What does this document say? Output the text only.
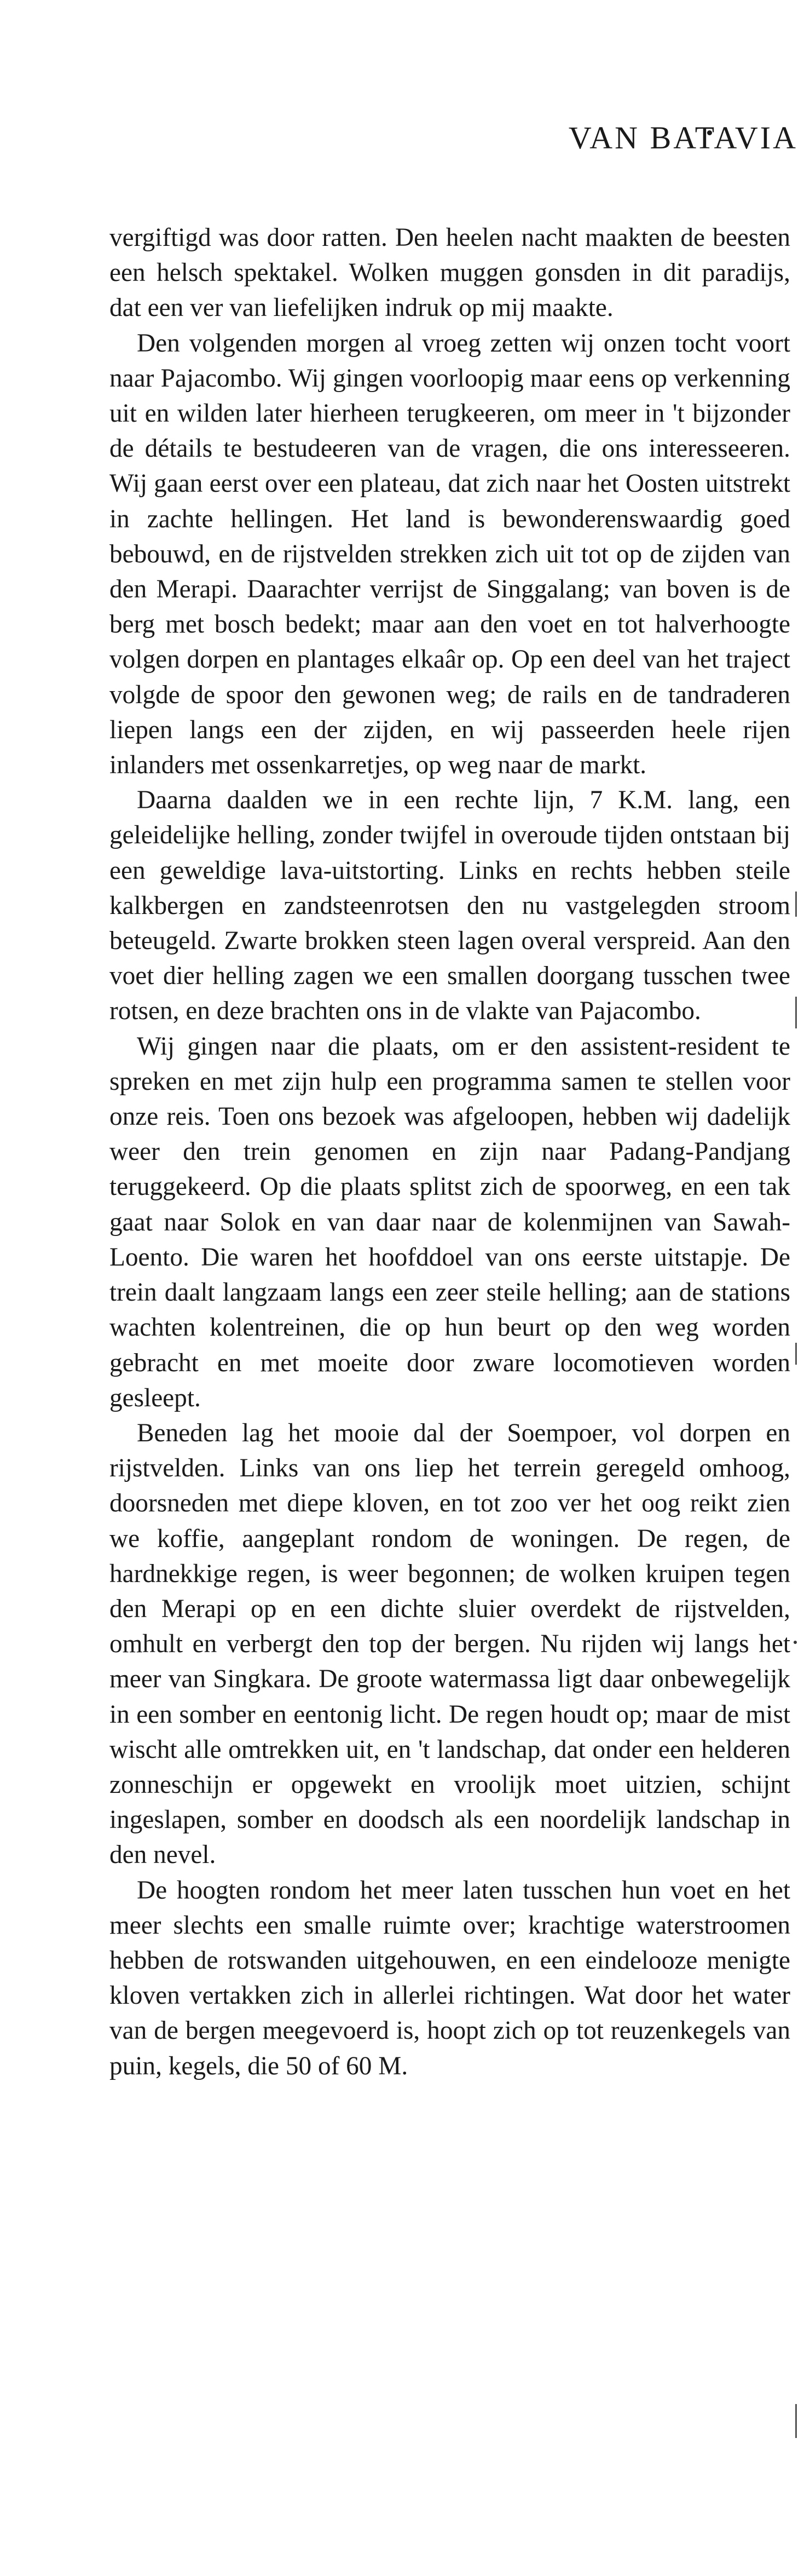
VAN BATAVIA

vergiftigd was door ratten. Den heelen nacht maakten de beesten een helsch spektakel. Wolken muggen gonsden in dit paradijs, dat een ver van liefelijken indruk op mij maakte.

Den volgenden morgen al vroeg zetten wij onzen tocht voort naar Pajacombo. Wij gingen voorloopig maar eens op verkenning uit en wilden later hierheen terugkeeren, om meer in 't bijzonder de détails te bestudeeren van de vragen, die ons interesseeren. Wij gaan eerst over een plateau, dat zich naar het Oosten uitstrekt in zachte hellingen. Het land is bewonderenswaardig goed bebouwd, en de rijstvelden strekken zich uit tot op de zijden van den Merapi. Daarachter verrijst de Singgalang; van boven is de berg met bosch bedekt; maar aan den voet en tot halverhoogte volgen dorpen en plantages elkaâr op. Op een deel van het traject volgde de spoor den gewonen weg; de rails en de tandraderen liepen langs een der zijden, en wij passeerden heele rijen inlanders met ossenkarretjes, op weg naar de markt.

Daarna daalden we in een rechte lijn, 7 K.M. lang, een geleidelijke helling, zonder twijfel in overoude tijden ontstaan bij een geweldige lava-uitstorting. Links en rechts hebben steile kalkbergen en zandsteenrotsen den nu vastgelegden stroom beteugeld. Zwarte brokken steen lagen overal verspreid. Aan den voet dier helling zagen we een smallen doorgang tusschen twee rotsen, en deze brachten ons in de vlakte van Pajacombo.

Wij gingen naar die plaats, om er den assistent-resident te spreken en met zijn hulp een programma samen te stellen voor onze reis. Toen ons bezoek was afgeloopen, hebben wij dadelijk weer den trein genomen en zijn naar Padang-Pandjang teruggekeerd. Op die plaats splitst zich de spoorweg, en een tak gaat naar Solok en van daar naar de kolenmijnen van Sawah-Loento. Die waren het hoofddoel van ons eerste uitstapje. De trein daalt langzaam langs een zeer steile helling; aan de stations wachten kolentreinen, die op hun beurt op den weg worden gebracht en met moeite door zware locomotieven worden gesleept.

Beneden lag het mooie dal der Soempoer, vol dorpen en rijstvelden. Links van ons liep het terrein geregeld omhoog, doorsneden met diepe kloven, en tot zoo ver het oog reikt zien we koffie, aangeplant rondom de woningen. De regen, de hardnekkige regen, is weer begonnen; de wolken kruipen tegen den Merapi op en een dichte sluier overdekt de rijstvelden, omhult en verbergt den top der bergen. Nu rijden wij langs het meer van Singkara. De groote watermassa ligt daar onbewegelijk in een somber en eentonig licht. De regen houdt op; maar de mist wischt alle omtrekken uit, en 't landschap, dat onder een helderen zonneschijn er opgewekt en vroolijk moet uitzien, schijnt ingeslapen, somber en doodsch als een noordelijk landschap in den nevel.

De hoogten rondom het meer laten tusschen hun voet en het meer slechts een smalle ruimte over; krachtige waterstroomen hebben de rotswanden uitgehouwen, en een eindelooze menigte kloven vertakken zich in allerlei richtingen. Wat door het water van de bergen meegevoerd is, hoopt zich op tot reuzenkegels van puin, kegels, die 50 of 60 M.
